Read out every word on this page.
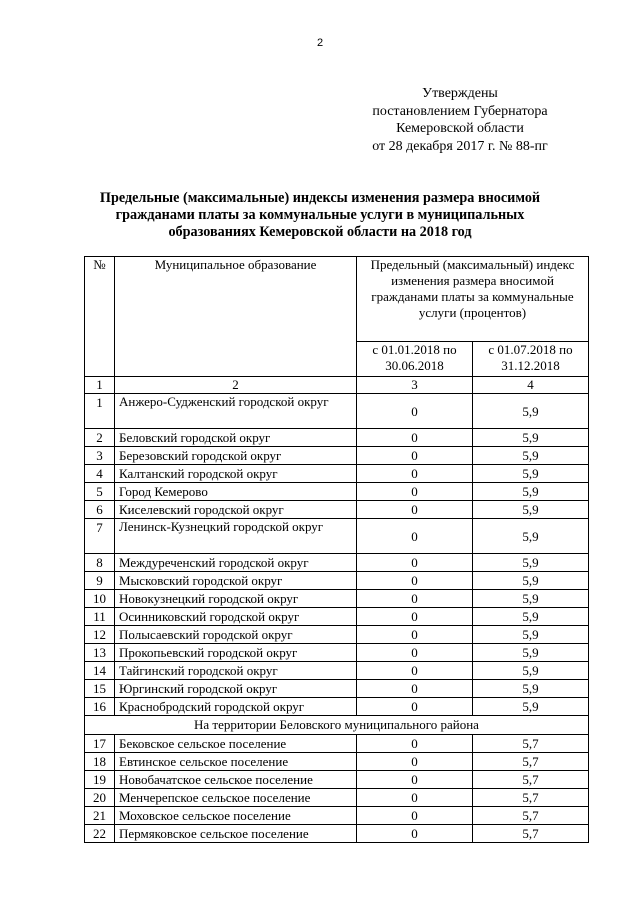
2
Утверждены
постановлением Губернатора
Кемеровской области
от 28 декабря 2017 г. № 88-пг
Предельные (максимальные) индексы изменения размера вносимой
гражданами платы за коммунальные услуги в муниципальных
образованиях Кемеровской области на 2018 год
№	Муниципальное образование	Предельный (максимальный) индекс изменения размера вносимой гражданами платы за коммунальные услуги (процентов)	
		с 01.01.2018 по 30.06.2018	с 01.07.2018 по 31.12.2018
1	2	3	4
1	Анжеро-Судженский городской округ	0	5,9
2	Беловский городской округ	0	5,9
3	Березовский городской округ	0	5,9
4	Калтанский городской округ	0	5,9
5	Город Кемерово	0	5,9
6	Киселевский городской округ	0	5,9
7	Ленинск-Кузнецкий городской округ	0	5,9
8	Междуреченский городской округ	0	5,9
9	Мысковский городской округ	0	5,9
10	Новокузнецкий городской округ	0	5,9
11	Осинниковский городской округ	0	5,9
12	Полысаевский городской округ	0	5,9
13	Прокопьевский городской округ	0	5,9
14	Тайгинский городской округ	0	5,9
15	Юргинский городской округ	0	5,9
16	Краснобродский городской округ	0	5,9
На территории Беловского муниципального района			
17	Бековское сельское поселение	0	5,7
18	Евтинское сельское поселение	0	5,7
19	Новобачатское сельское поселение	0	5,7
20	Менчерепское сельское поселение	0	5,7
21	Моховское сельское поселение	0	5,7
22	Пермяковское сельское поселение	0	5,7
